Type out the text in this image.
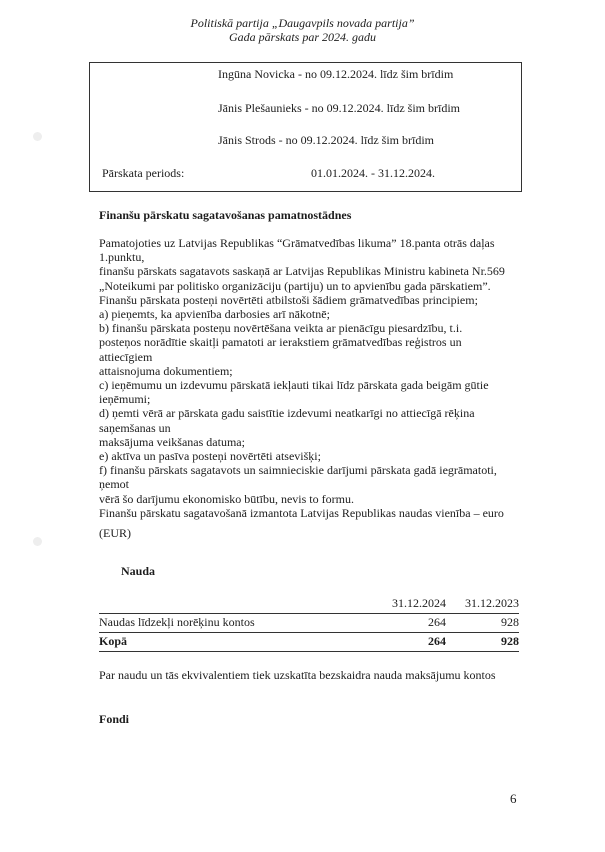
Politiskā partija „Daugavpils novada partija”
Gada pārskats par 2024. gadu
Ingūna Novicka - no 09.12.2024. līdz šim brīdim
Jānis Plešaunieks - no 09.12.2024. līdz šim brīdim
Jānis Strods - no 09.12.2024. līdz šim brīdim
Pārskata periods:	01.01.2024. - 31.12.2024.
Finanšu pārskatu sagatavošanas pamatnostādnes
Pamatojoties uz Latvijas Republikas “Grāmatvedības likuma” 18.panta otrās daļas
1.punktu,
finanšu pārskats sagatavots saskaņā ar Latvijas Republikas Ministru kabineta Nr.569
„Noteikumi par politisko organizāciju (partiju) un to apvienību gada pārskatiem”.
Finanšu pārskata posteņi novērtēti atbilstoši šādiem grāmatvedības principiem;
a) pieņemts, ka apvienība darbosies arī nākotnē;
b) finanšu pārskata posteņu novērtēšana veikta ar pienācīgu piesardzību, t.i.
posteņos norādītie skaitļi pamatoti ar ierakstiem grāmatvedības reģistros un
attiecīgiem
attaisnojuma dokumentiem;
c) ieņēmumu un izdevumu pārskatā iekļauti tikai līdz pārskata gada beigām gūtie
ieņēmumi;
d) ņemti vērā ar pārskata gadu saistītie izdevumi neatkarīgi no attiecīgā rēķina
saņemšanas un
maksājuma veikšanas datuma;
e) aktīva un pasīva posteņi novērtēti atsevišķi;
f) finanšu pārskats sagatavots un saimnieciskie darījumi pārskata gadā iegrāmatoti,
ņemot
vērā šo darījumu ekonomisko būtību, nevis to formu.
Finanšu pārskatu sagatavošanā izmantota Latvijas Republikas naudas vienība – euro
(EUR)
Nauda
31.12.2024 31.12.2023
Naudas līdzekļi norēķinu kontos	264	928
Kopā	264	928
Par naudu un tās ekvivalentiem tiek uzskatīta bezskaidra nauda maksājumu kontos
Fondi
6
